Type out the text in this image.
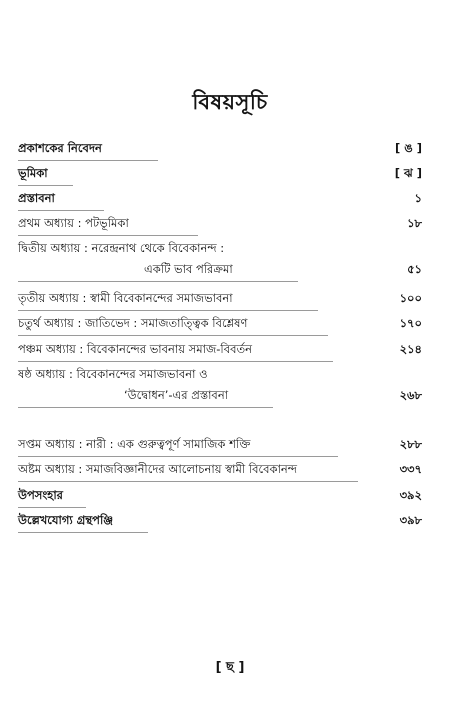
বিষয়সূচি
প্রকাশকের নিবেদন	[ ঙ ]
ভূমিকা	[ ঝ ]
প্রস্তাবনা	১
প্রথম অধ্যায় : পটভূমিকা	১৮
দ্বিতীয় অধ্যায় : নরেন্দ্রনাথ থেকে বিবেকানন্দ :
একটি ভাব পরিক্রমা	৫১
তৃতীয় অধ্যায় : স্বামী বিবেকানন্দের সমাজভাবনা	১০০
চতুর্থ অধ্যায় : জাতিভেদ : সমাজতাত্ত্বিক বিশ্লেষণ	১৭০
পঞ্চম অধ্যায় : বিবেকানন্দের ভাবনায় সমাজ-বিবর্তন	২১৪
ষষ্ঠ অধ্যায় : বিবেকানন্দের সমাজভাবনা ও
‘উদ্বোধন’-এর প্রস্তাবনা	২৬৮
সপ্তম অধ্যায় : নারী : এক গুরুত্বপূর্ণ সামাজিক শক্তি	২৮৮
অষ্টম অধ্যায় : সমাজবিজ্ঞানীদের আলোচনায় স্বামী বিবেকানন্দ	৩৩৭
উপসংহার	৩৯২
উল্লেখযোগ্য গ্রন্থপঞ্জি	৩৯৮
[ ছ ]
